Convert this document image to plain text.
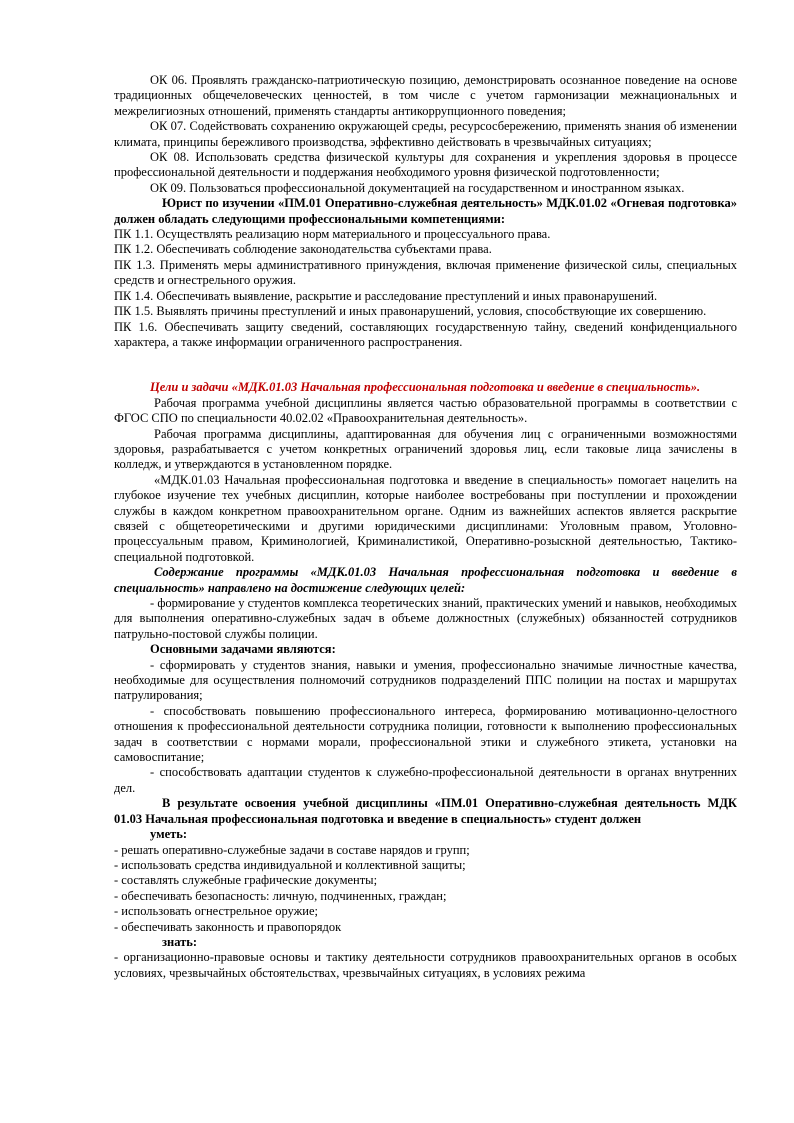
ОК 06. Проявлять гражданско-патриотическую позицию, демонстрировать осознанное поведение на основе традиционных общечеловеческих ценностей, в том числе с учетом гармонизации межнациональных и межрелигиозных отношений, применять стандарты антикоррупционного поведения;

ОК 07. Содействовать сохранению окружающей среды, ресурсосбережению, применять знания об изменении климата, принципы бережливого производства, эффективно действовать в чрезвычайных ситуациях;

ОК 08. Использовать средства физической культуры для сохранения и укрепления здоровья в процессе профессиональной деятельности и поддержания необходимого уровня физической подготовленности;

ОК 09. Пользоваться профессиональной документацией на государственном и иностранном языках.

Юрист по изучении «ПМ.01 Оперативно-служебная деятельность» МДК.01.02 «Огневая подготовка» должен обладать следующими профессиональными компетенциями:

ПК 1.1. Осуществлять реализацию норм материального и процессуального права.

ПК 1.2. Обеспечивать соблюдение законодательства субъектами права.

ПК 1.3. Применять меры административного принуждения, включая применение физической силы, специальных средств и огнестрельного оружия.

ПК 1.4. Обеспечивать выявление, раскрытие и расследование преступлений и иных правонарушений.

ПК 1.5. Выявлять причины преступлений и иных правонарушений, условия, способствующие их совершению.

ПК 1.6. Обеспечивать защиту сведений, составляющих государственную тайну, сведений конфиденциального характера, а также информации ограниченного распространения.

Цели и задачи «МДК.01.03 Начальная профессиональная подготовка и введение в специальность».

Рабочая программа учебной дисциплины является частью образовательной программы в соответствии с ФГОС СПО по специальности 40.02.02 «Правоохранительная деятельность».

Рабочая программа дисциплины, адаптированная для обучения лиц с ограниченными возможностями здоровья, разрабатывается с учетом конкретных ограничений здоровья лиц, если таковые лица зачислены в колледж, и утверждаются в установленном порядке.

«МДК.01.03 Начальная профессиональная подготовка и введение в специальность» помогает нацелить на глубокое изучение тех учебных дисциплин, которые наиболее востребованы при поступлении и прохождении службы в каждом конкретном правоохранительном органе. Одним из важнейших аспектов является раскрытие связей с общетеоретическими и другими юридическими дисциплинами: Уголовным правом, Уголовно-процессуальным правом, Криминологией, Криминалистикой, Оперативно-розыскной деятельностью, Тактико-специальной подготовкой.

Содержание программы «МДК.01.03 Начальная профессиональная подготовка и введение в специальность» направлено на достижение следующих целей:

- формирование у студентов комплекса теоретических знаний, практических умений и навыков, необходимых для выполнения оперативно-служебных задач в объеме должностных (служебных) обязанностей сотрудников патрульно-постовой службы полиции.

Основными задачами являются:

- сформировать у студентов знания, навыки и умения, профессионально значимые личностные качества, необходимые для осуществления полномочий сотрудников подразделений ППС полиции на постах и маршрутах патрулирования;

- способствовать повышению профессионального интереса, формированию мотивационно-целостного отношения к профессиональной деятельности сотрудника полиции, готовности к выполнению профессиональных задач в соответствии с нормами морали, профессиональной этики и служебного этикета, установки на самовоспитание;

- способствовать адаптации студентов к служебно-профессиональной деятельности в органах внутренних дел.

В результате освоения учебной дисциплины «ПМ.01 Оперативно-служебная деятельность МДК 01.03 Начальная профессиональная подготовка и введение в специальность» студент должен

уметь:

- решать оперативно-служебные задачи в составе нарядов и групп;

- использовать средства индивидуальной и коллективной защиты;

- составлять служебные графические документы;

- обеспечивать безопасность: личную, подчиненных, граждан;

- использовать огнестрельное оружие;

- обеспечивать законность и правопорядок

знать:

- организационно-правовые основы и тактику деятельности сотрудников правоохранительных органов в особых условиях, чрезвычайных обстоятельствах, чрезвычайных ситуациях, в условиях режима
